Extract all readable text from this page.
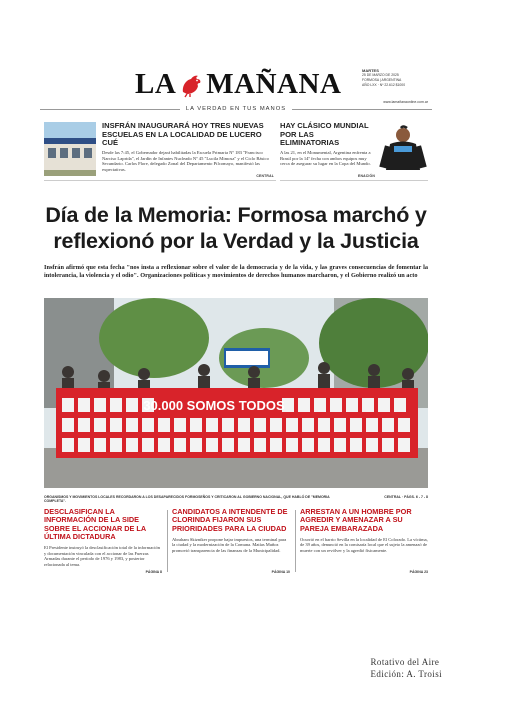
LA MAÑANA	MARTES
25 DE MARZO DE 2025
FORMOSA | ARGENTINA
AÑO LXX · Nº 22.612 $1000
www.lamañanaonline.com.ar
LA VERDAD EN TUS MANOS
INSFRÁN INAUGURARÁ HOY TRES NUEVAS ESCUELAS EN LA LOCALIDAD DE LUCERO CUÉ
Desde las 7:45, el Gobernador dejará habilitadas la Escuela Primaria Nº 183 "Francisco Narciso Laprida", el Jardín de Infantes Nucleado Nº 45 "Lucila Mimosa" y el Ciclo Básico Secundario. Carlos Flore, delegado Zonal del Departamento Pilcomayo, manifestó las expectativas.
CENTRAL
HAY CLÁSICO MUNDIAL POR LAS ELIMINATORIAS
A las 21, en el Monumental, Argentina enfrenta a Brasil por la 14º fecha con ambos equipos muy cerca de asegurar su lugar en la Copa del Mundo.
ENACIÓN
Día de la Memoria: Formosa marchó y reflexionó por la Verdad y la Justicia
Insfrán afirmó que esta fecha "nos insta a reflexionar sobre el valor de la democracia y de la vida, y las graves consecuencias de fomentar la intolerancia, la violencia y el odio". Organizaciones políticas y movimientos de derechos humanos marcharon, y el Gobierno realizó un acto
30.000 SOMOS TODOS
ORGANISMOS Y MOVIMIENTOS LOCALES RECORDARON A LOS DESAPARECIDOS FORMOSEÑOS Y CRITICARON AL GOBIERNO NACIONAL, QUE HABLÓ DE "MEMORIA COMPLETA".
CENTRAL · PÁGS. 6 - 7 - 8
DESCLASIFICAN LA INFORMACIÓN DE LA SIDE SOBRE EL ACCIONAR DE LA ÚLTIMA DICTADURA
El Presidente instruyó la desclasificación total de la información y documentación vinculada con el accionar de las Fuerzas Armadas durante el período de 1976 y 1983, y posterior relacionada al tema.
PÁGINA 8
CANDIDATOS A INTENDENTE DE CLORINDA FIJARON SUS PRIORIDADES PARA LA CIUDAD
Abraham Skizniker propone bajar impuestos, una terminal para la ciudad y la modernización de la Comuna. Matías Muñoz promovió transparencia de las finanzas de la Municipalidad.
PÁGINA 10
ARRESTAN A UN HOMBRE POR AGREDIR Y AMENAZAR A SU PAREJA EMBARAZADA
Ocurrió en el barrio Sevilla en la localidad de El Colorado. La víctima, de 39 años, denunció en la comisaría local que el sujeto la amenazó de muerte con un revólver y la agredió físicamente.
PÁGINA 23
Rotativo del Aire
Edición: A. Troisi
